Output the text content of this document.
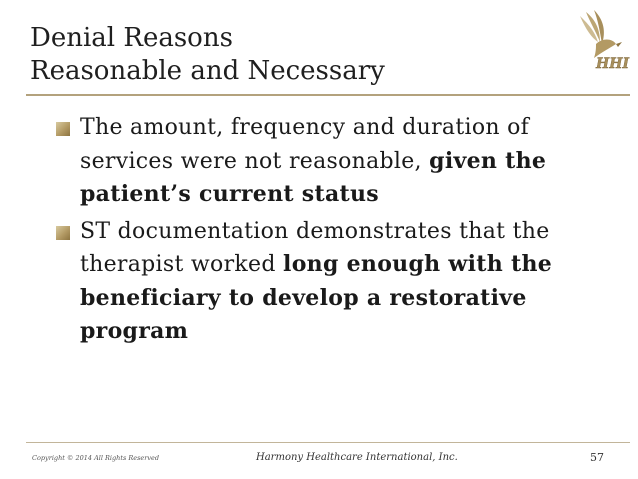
Denial Reasons
Reasonable and Necessary	HHI
The amount, frequency and duration of services were not reasonable, given the patient’s current status
ST documentation demonstrates that the therapist worked long enough with the beneficiary to develop a restorative program
Copyright © 2014 All Rights Reserved	Harmony Healthcare International, Inc.	57
